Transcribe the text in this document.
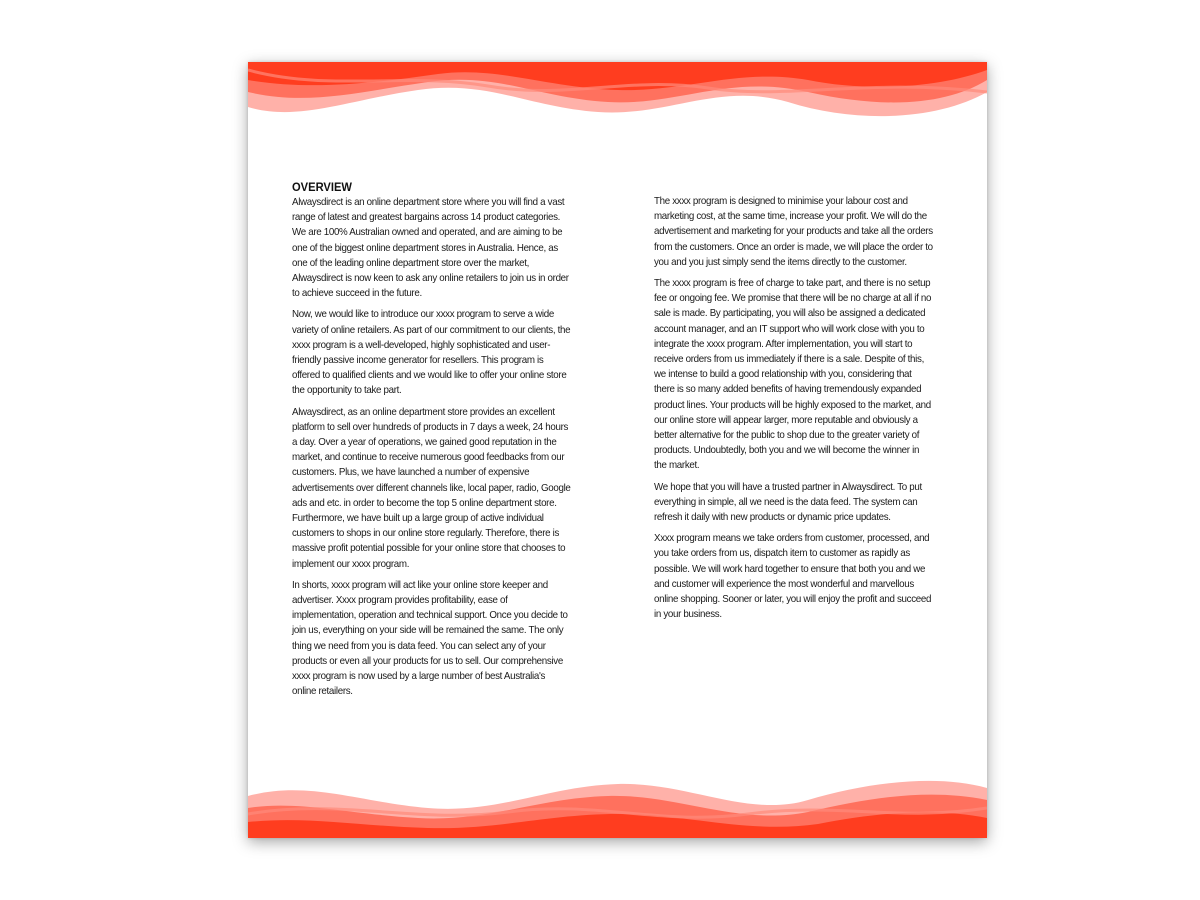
OVERVIEW

Alwaysdirect is an online department store where you will find a vast range of latest and greatest bargains across 14 product categories. We are 100% Australian owned and operated, and are aiming to be one of the biggest online department stores in Australia. Hence, as one of the leading online department store over the market, Alwaysdirect is now keen to ask any online retailers to join us in order to achieve succeed in the future.

Now, we would like to introduce our xxxx program to serve a wide variety of online retailers. As part of our commitment to our clients, the xxxx program is a well-developed, highly sophisticated and user-friendly passive income generator for resellers. This program is offered to qualified clients and we would like to offer your online store the opportunity to take part.

Alwaysdirect, as an online department store provides an excellent platform to sell over hundreds of products in 7 days a week, 24 hours a day. Over a year of operations, we gained good reputation in the market, and continue to receive numerous good feedbacks from our customers. Plus, we have launched a number of expensive advertisements over different channels like, local paper, radio, Google ads and etc. in order to become the top 5 online department store. Furthermore, we have built up a large group of active individual customers to shops in our online store regularly. Therefore, there is massive profit potential possible for your online store that chooses to implement our xxxx program.

In shorts, xxxx program will act like your online store keeper and advertiser. Xxxx program provides profitability, ease of implementation, operation and technical support. Once you decide to join us, everything on your side will be remained the same. The only thing we need from you is data feed. You can select any of your products or even all your products for us to sell. Our comprehensive xxxx program is now used by a large number of best Australia's online retailers.

The xxxx program is designed to minimise your labour cost and marketing cost, at the same time, increase your profit. We will do the advertisement and marketing for your products and take all the orders from the customers. Once an order is made, we will place the order to you and you just simply send the items directly to the customer.

The xxxx program is free of charge to take part, and there is no setup fee or ongoing fee. We promise that there will be no charge at all if no sale is made. By participating, you will also be assigned a dedicated account manager, and an IT support who will work close with you to integrate the xxxx program. After implementation, you will start to receive orders from us immediately if there is a sale. Despite of this, we intense to build a good relationship with you, considering that there is so many added benefits of having tremendously expanded product lines. Your products will be highly exposed to the market, and our online store will appear larger, more reputable and obviously a better alternative for the public to shop due to the greater variety of products. Undoubtedly, both you and we will become the winner in the market.

We hope that you will have a trusted partner in Alwaysdirect. To put everything in simple, all we need is the data feed. The system can refresh it daily with new products or dynamic price updates.

Xxxx program means we take orders from customer, processed, and you take orders from us, dispatch item to customer as rapidly as possible. We will work hard together to ensure that both you and we and customer will experience the most wonderful and marvellous online shopping. Sooner or later, you will enjoy the profit and succeed in your business.
